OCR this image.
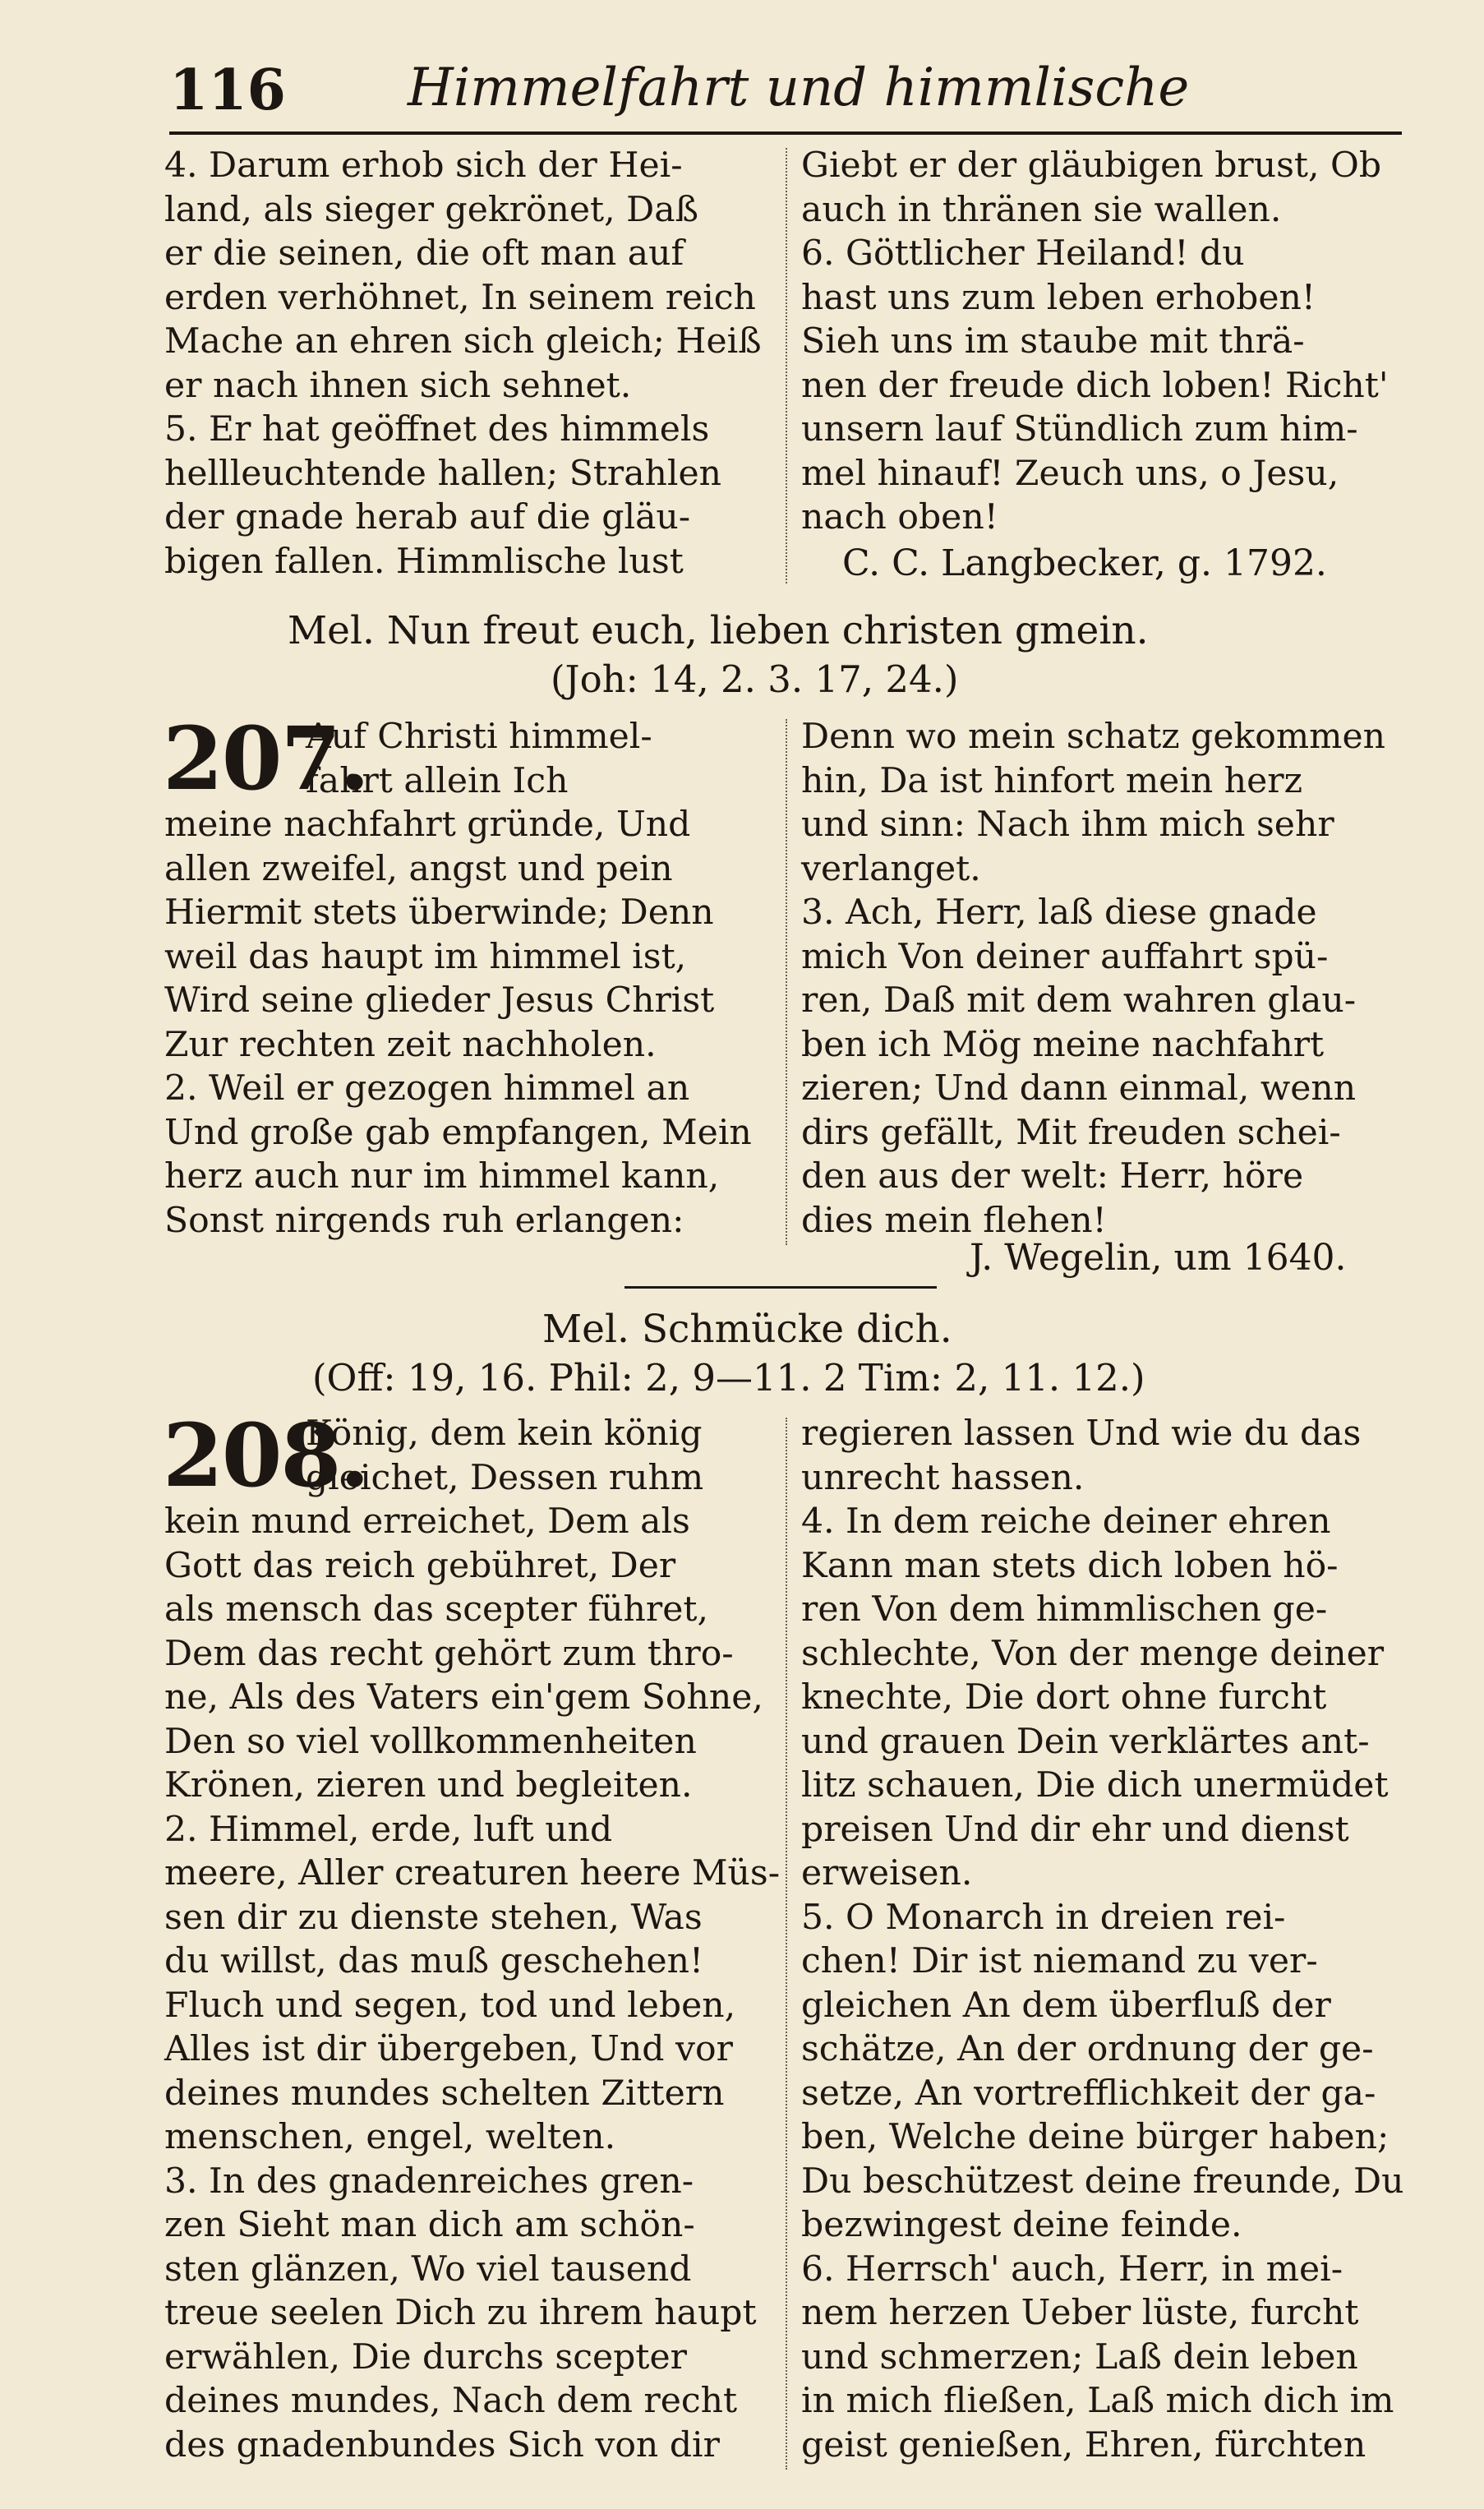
116 Himmelfahrt und himmlische

4. Darum erhob sich der Hei-

land, als sieger gekrönet, Daß

er die seinen, die oft man auf

erden verhöhnet, In seinem reich

Mache an ehren sich gleich; Heiß

er nach ihnen sich sehnet.

5. Er hat geöffnet des himmels

hellleuchtende hallen; Strahlen

der gnade herab auf die gläu-

bigen fallen. Himmlische lust

Giebt er der gläubigen brust, Ob

auch in thränen sie wallen.

6. Göttlicher Heiland! du

hast uns zum leben erhoben!

Sieh uns im staube mit thrä-

nen der freude dich loben! Richt'

unsern lauf Stündlich zum him-

mel hinauf! Zeuch uns, o Jesu,

nach oben!

C. C. Langbecker, g. 1792.
Mel. Nun freut euch, lieben christen gmein.
(Joh: 14, 2. 3. 17, 24.)
207.

Auf Christi himmel-

fahrt allein Ich

meine nachfahrt gründe, Und

allen zweifel, angst und pein

Hiermit stets überwinde; Denn

weil das haupt im himmel ist,

Wird seine glieder Jesus Christ

Zur rechten zeit nachholen.

2. Weil er gezogen himmel an

Und große gab empfangen, Mein

herz auch nur im himmel kann,

Sonst nirgends ruh erlangen:

Denn wo mein schatz gekommen

hin, Da ist hinfort mein herz

und sinn: Nach ihm mich sehr

verlanget.

3. Ach, Herr, laß diese gnade

mich Von deiner auffahrt spü-

ren, Daß mit dem wahren glau-

ben ich Mög meine nachfahrt

zieren; Und dann einmal, wenn

dirs gefällt, Mit freuden schei-

den aus der welt: Herr, höre

dies mein flehen!

J. Wegelin, um 1640.
Mel. Schmücke dich.
(Off: 19, 16. Phil: 2, 9—11. 2 Tim: 2, 11. 12.)
208.

König, dem kein könig

gleichet, Dessen ruhm

kein mund erreichet, Dem als

Gott das reich gebühret, Der

als mensch das scepter führet,

Dem das recht gehört zum thro-

ne, Als des Vaters ein'gem Sohne,

Den so viel vollkommenheiten

Krönen, zieren und begleiten.

2. Himmel, erde, luft und

meere, Aller creaturen heere Müs-

sen dir zu dienste stehen, Was

du willst, das muß geschehen!

Fluch und segen, tod und leben,

Alles ist dir übergeben, Und vor

deines mundes schelten Zittern

menschen, engel, welten.

3. In des gnadenreiches gren-

zen Sieht man dich am schön-

sten glänzen, Wo viel tausend

treue seelen Dich zu ihrem haupt

erwählen, Die durchs scepter

deines mundes, Nach dem recht

des gnadenbundes Sich von dir

regieren lassen Und wie du das

unrecht hassen.

4. In dem reiche deiner ehren

Kann man stets dich loben hö-

ren Von dem himmlischen ge-

schlechte, Von der menge deiner

knechte, Die dort ohne furcht

und grauen Dein verklärtes ant-

litz schauen, Die dich unermüdet

preisen Und dir ehr und dienst

erweisen.

5. O Monarch in dreien rei-

chen! Dir ist niemand zu ver-

gleichen An dem überfluß der

schätze, An der ordnung der ge-

setze, An vortrefflichkeit der ga-

ben, Welche deine bürger haben;

Du beschützest deine freunde, Du

bezwingest deine feinde.

6. Herrsch' auch, Herr, in mei-

nem herzen Ueber lüste, furcht

und schmerzen; Laß dein leben

in mich fließen, Laß mich dich im

geist genießen, Ehren, fürchten
